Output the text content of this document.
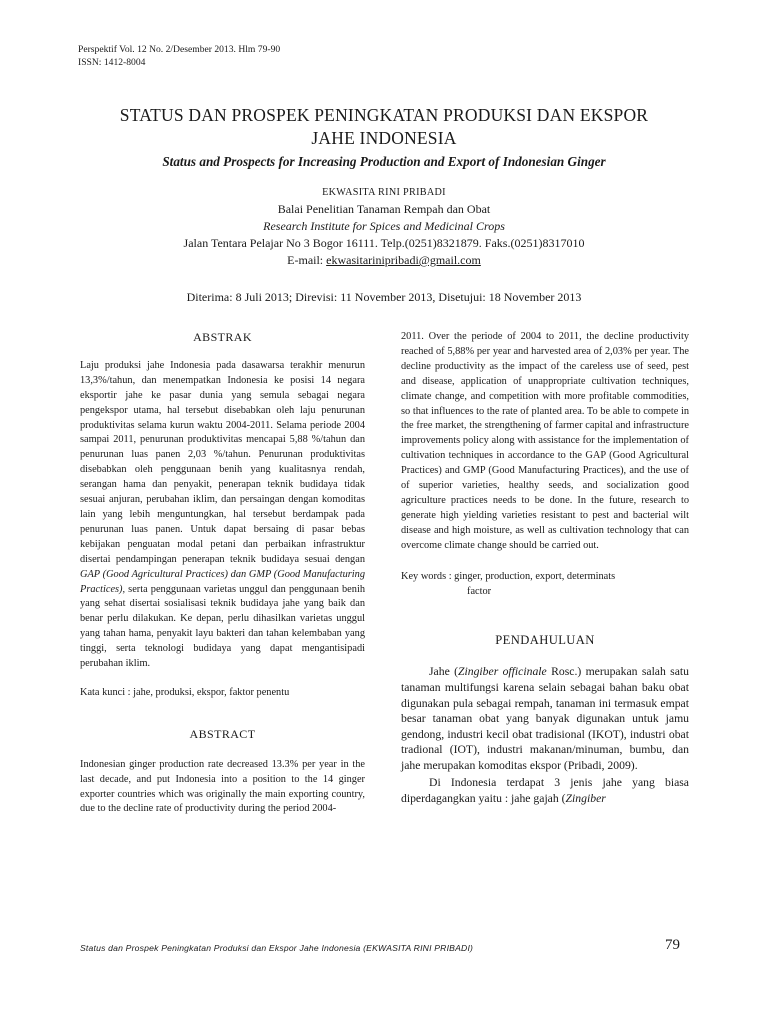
Perspektif Vol. 12 No. 2/Desember 2013. Hlm 79-90
ISSN: 1412-8004
STATUS DAN PROSPEK PENINGKATAN PRODUKSI DAN EKSPOR
JAHE INDONESIA
Status and Prospects for Increasing Production and Export of Indonesian Ginger
EKWASITA RINI PRIBADI
Balai Penelitian Tanaman Rempah dan Obat
Research Institute for Spices and Medicinal Crops
Jalan Tentara Pelajar No 3 Bogor 16111. Telp.(0251)8321879. Faks.(0251)8317010
E-mail: ekwasitarinipribadi@gmail.com
Diterima: 8 Juli 2013; Direvisi: 11 November 2013, Disetujui: 18 November 2013
ABSTRAK

Laju produksi jahe Indonesia pada dasawarsa terakhir menurun 13,3%/tahun, dan menempatkan Indonesia ke posisi 14 negara eksportir jahe ke pasar dunia yang semula sebagai negara pengekspor utama, hal tersebut disebabkan oleh laju penurunan produktivitas selama kurun waktu 2004-2011. Selama periode 2004 sampai 2011, penurunan produktivitas mencapai 5,88 %/tahun dan penurunan luas panen 2,03 %/tahun. Penurunan produktivitas disebabkan oleh penggunaan benih yang kualitasnya rendah, serangan hama dan penyakit, penerapan teknik budidaya tidak sesuai anjuran, perubahan iklim, dan persaingan dengan komoditas lain yang lebih menguntungkan, hal tersebut berdampak pada penurunan luas panen. Untuk dapat bersaing di pasar bebas kebijakan penguatan modal petani dan perbaikan infrastruktur disertai pendampingan penerapan teknik budidaya sesuai dengan GAP (Good Agricultural Practices) dan GMP (Good Manufacturing Practices), serta penggunaan varietas unggul dan penggunaan benih yang sehat disertai sosialisasi teknik budidaya jahe yang baik dan benar perlu dilakukan. Ke depan, perlu dihasilkan varietas unggul yang tahan hama, penyakit layu bakteri dan tahan kelembaban yang tinggi, serta teknologi budidaya yang dapat mengantisipadi perubahan iklim.

Kata kunci : jahe, produksi, ekspor, faktor penentu
ABSTRACT

Indonesian ginger production rate decreased 13.3% per year in the last decade, and put Indonesia into a position to the 14 ginger exporter countries which was originally the main exporting country, due to the decline rate of productivity during the period 2004-

2011. Over the periode of 2004 to 2011, the decline productivity reached of 5,88% per year and harvested area of 2,03% per year. The decline productivity as the impact of the careless use of seed, pest and disease, application of unappropriate cultivation techniques, climate change, and competition with more profitable commodities, so that influences to the rate of planted area. To be able to compete in the free market, the strengthening of farmer capital and infrastructure improvements policy along with assistance for the implementation of cultivation techniques in accordance to the GAP (Good Agricultural Practices) and GMP (Good Manufacturing Practices), and the use of of superior varieties, healthy seeds, and socialization good agriculture practices needs to be done. In the future, research to generate high yielding varieties resistant to pest and bacterial wilt disease and high moisture, as well as cultivation technology that can overcome climate change should be carried out.

Key words : ginger, production, export, determinats
factor
PENDAHULUAN

Jahe (Zingiber officinale Rosc.) merupakan salah satu tanaman multifungsi karena selain sebagai bahan baku obat digunakan pula sebagai rempah, tanaman ini termasuk empat besar tanaman obat yang banyak digunakan untuk jamu gendong, industri kecil obat tradisional (IKOT), industri obat tradional (IOT), industri makanan/minuman, bumbu, dan jahe merupakan komoditas ekspor (Pribadi, 2009).

Di Indonesia terdapat 3 jenis jahe yang biasa diperdagangkan yaitu : jahe gajah (Zingiber

Status dan Prospek Peningkatan Produksi dan Ekspor Jahe Indonesia (EKWASITA RINI PRIBADI)	79
